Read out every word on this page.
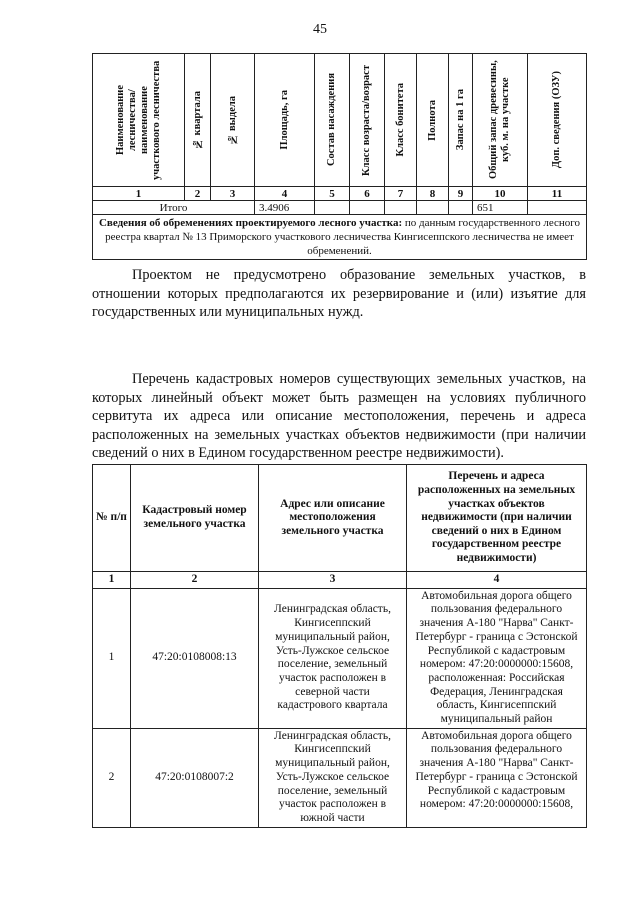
45
Наименование лесничества/ наименование участкового лесничества	№ квартала	№ выдела	Площадь, га	Состав насаждения	Класс возраста/возраст	Класс бонитета	Полнота	Запас на 1 га	Общий запас древесины, куб. м. на участке	Доп. сведения (ОЗУ)

1	2	3	4	5	6	7	8	9	10	11
Итого			3.4906						651	
Сведения об обременениях проектируемого лесного участка: по данным государственного лесного реестра квартал № 13 Приморского участкового лесничества Кингисеппского лесничества не имеет обременений.										

Проектом не предусмотрено образование земельных участков, в отношении которых предполагаются их резервирование и (или) изъятие для государственных или муниципальных нужд.

Перечень кадастровых номеров существующих земельных участков, на которых линейный объект может быть размещен на условиях публичного сервитута их адреса или описание местоположения, перечень и адреса расположенных на земельных участках объектов недвижимости (при наличии сведений о них в Едином государственном реестре недвижимости).

№ п/п	Кадастровый номер земельного участка	Адрес или описание местоположения земельного участка	Перечень и адреса расположенных на земельных участках объектов недвижимости (при наличии сведений о них в Едином государственном реестре недвижимости)
1	2	3	4
1	47:20:0108008:13	Ленинградская область, Кингисеппский муниципальный район, Усть-Лужское сельское поселение, земельный участок расположен в северной части кадастрового квартала	Автомобильная дорога общего пользования федерального значения А-180 "Нарва" Санкт-Петербург - граница с Эстонской Республикой с кадастровым номером: 47:20:0000000:15608, расположенная: Российская Федерация, Ленинградская область, Кингисеппский муниципальный район
2	47:20:0108007:2	Ленинградская область, Кингисеппский муниципальный район, Усть-Лужское сельское поселение, земельный участок расположен в южной части	Автомобильная дорога общего пользования федерального значения А-180 "Нарва" Санкт-Петербург - граница с Эстонской Республикой с кадастровым номером: 47:20:0000000:15608,
